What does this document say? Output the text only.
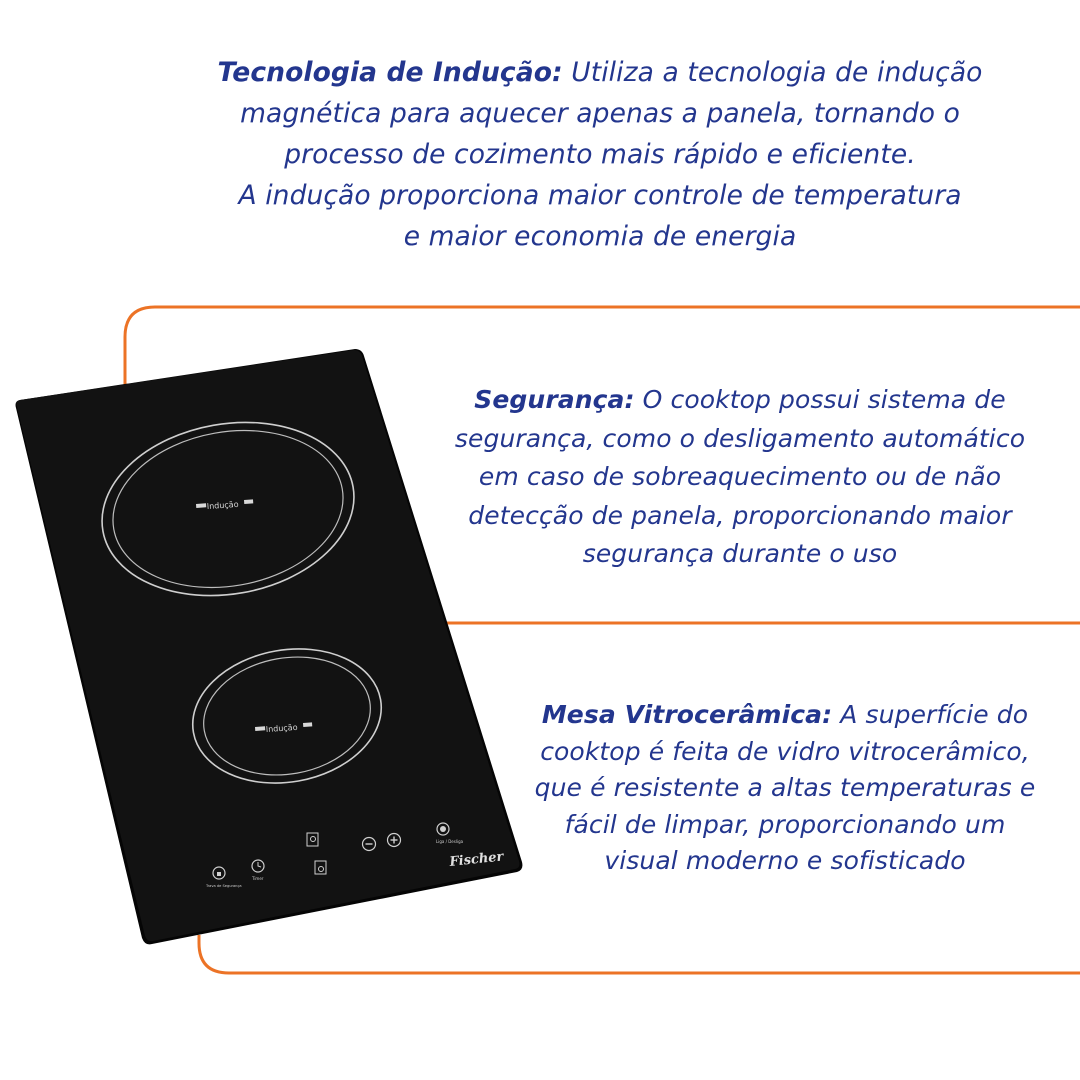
Indução
Indução
Trava de Segurança
Timer
Liga / Desliga
Fischer

Tecnologia de Indução: Utiliza a tecnologia de indução
magnética para aquecer apenas a panela, tornando o
processo de cozimento mais rápido e eficiente.
A indução proporciona maior controle de temperatura
e maior economia de energia

Segurança: O cooktop possui sistema de
segurança, como o desligamento automático
em caso de sobreaquecimento ou de não
detecção de panela, proporcionando maior
segurança durante o uso

Mesa Vitrocerâmica: A superfície do
cooktop é feita de vidro vitrocerâmico,
que é resistente a altas temperaturas e
fácil de limpar, proporcionando um
visual moderno e sofisticado
